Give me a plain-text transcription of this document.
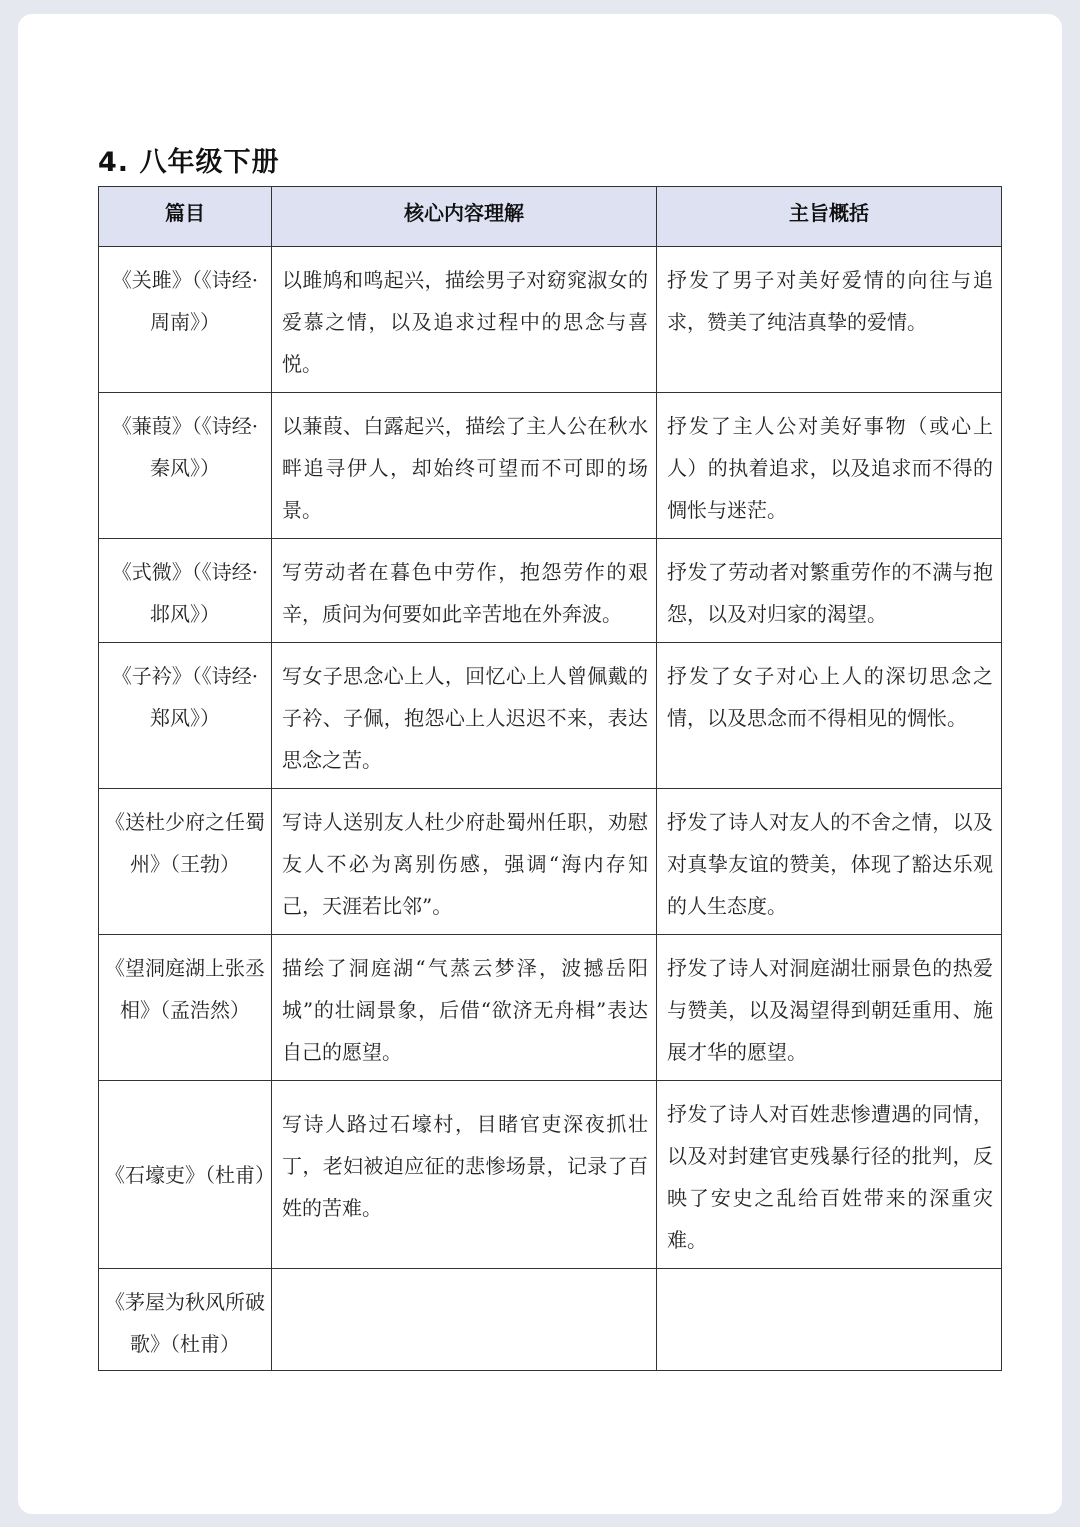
4. 八年级下册
篇目	核心内容理解	主旨概括
《关雎》（《诗经·周南》）	以雎鸠和鸣起兴，描绘男子对窈窕淑女的爱慕之情，以及追求过程中的思念与喜悦。	抒发了男子对美好爱情的向往与追求，赞美了纯洁真挚的爱情。
《蒹葭》（《诗经·秦风》）	以蒹葭、白露起兴，描绘了主人公在秋水畔追寻伊人，却始终可望而不可即的场景。	抒发了主人公对美好事物（或心上人）的执着追求，以及追求而不得的惆怅与迷茫。
《式微》（《诗经·邶风》）	写劳动者在暮色中劳作，抱怨劳作的艰辛，质问为何要如此辛苦地在外奔波。	抒发了劳动者对繁重劳作的不满与抱怨，以及对归家的渴望。
《子衿》（《诗经·郑风》）	写女子思念心上人，回忆心上人曾佩戴的子衿、子佩，抱怨心上人迟迟不来，表达思念之苦。	抒发了女子对心上人的深切思念之情，以及思念而不得相见的惆怅。
《送杜少府之任蜀州》（王勃）	写诗人送别友人杜少府赴蜀州任职，劝慰友人不必为离别伤感，强调“海内存知己，天涯若比邻”。	抒发了诗人对友人的不舍之情，以及对真挚友谊的赞美，体现了豁达乐观的人生态度。
《望洞庭湖上张丞相》（孟浩然）	描绘了洞庭湖“气蒸云梦泽，波撼岳阳城”的壮阔景象，后借“欲济无舟楫”表达自己的愿望。	抒发了诗人对洞庭湖壮丽景色的热爱与赞美，以及渴望得到朝廷重用、施展才华的愿望。
《石壕吏》（杜甫）	写诗人路过石壕村，目睹官吏深夜抓壮丁，老妇被迫应征的悲惨场景，记录了百姓的苦难。	抒发了诗人对百姓悲惨遭遇的同情，以及对封建官吏残暴行径的批判，反映了安史之乱给百姓带来的深重灾难。
《茅屋为秋风所破歌》（杜甫）		
